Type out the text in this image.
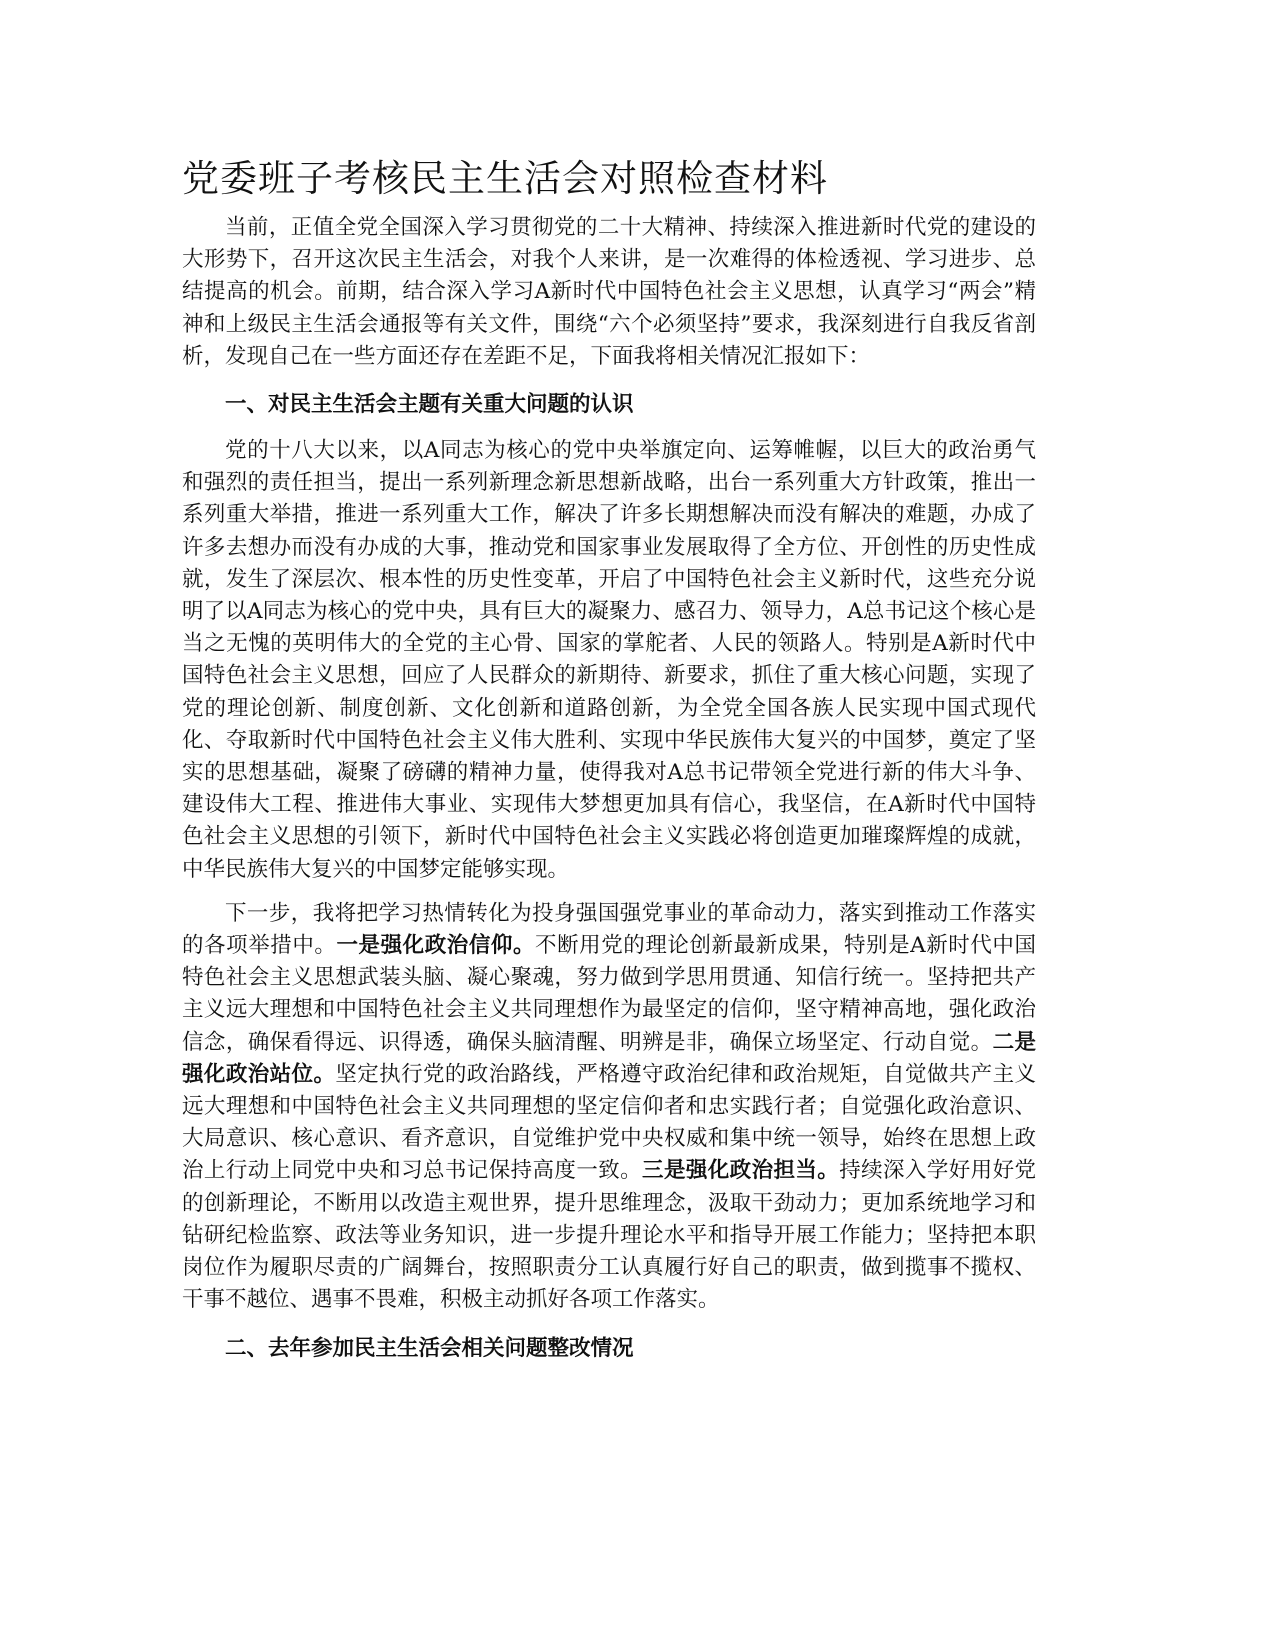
党委班子考核民主生活会对照检查材料

当前，正值全党全国深入学习贯彻党的二十大精神、持续深入推进新时代党的建设的大形势下，召开这次民主生活会，对我个人来讲，是一次难得的体检透视、学习进步、总结提高的机会。前期，结合深入学习A新时代中国特色社会主义思想，认真学习“两会”精神和上级民主生活会通报等有关文件，围绕“六个必须坚持”要求，我深刻进行自我反省剖析，发现自己在一些方面还存在差距不足，下面我将相关情况汇报如下：

一、对民主生活会主题有关重大问题的认识

党的十八大以来，以A同志为核心的党中央举旗定向、运筹帷幄，以巨大的政治勇气和强烈的责任担当，提出一系列新理念新思想新战略，出台一系列重大方针政策，推出一系列重大举措，推进一系列重大工作，解决了许多长期想解决而没有解决的难题，办成了许多去想办而没有办成的大事，推动党和国家事业发展取得了全方位、开创性的历史性成就，发生了深层次、根本性的历史性变革，开启了中国特色社会主义新时代，这些充分说明了以A同志为核心的党中央，具有巨大的凝聚力、感召力、领导力，A总书记这个核心是当之无愧的英明伟大的全党的主心骨、国家的掌舵者、人民的领路人。特别是A新时代中国特色社会主义思想，回应了人民群众的新期待、新要求，抓住了重大核心问题，实现了党的理论创新、制度创新、文化创新和道路创新，为全党全国各族人民实现中国式现代化、夺取新时代中国特色社会主义伟大胜利、实现中华民族伟大复兴的中国梦，奠定了坚实的思想基础，凝聚了磅礴的精神力量，使得我对A总书记带领全党进行新的伟大斗争、建设伟大工程、推进伟大事业、实现伟大梦想更加具有信心，我坚信，在A新时代中国特色社会主义思想的引领下，新时代中国特色社会主义实践必将创造更加璀璨辉煌的成就，中华民族伟大复兴的中国梦定能够实现。

下一步，我将把学习热情转化为投身强国强党事业的革命动力，落实到推动工作落实的各项举措中。一是强化政治信仰。不断用党的理论创新最新成果，特别是A新时代中国特色社会主义思想武装头脑、凝心聚魂，努力做到学思用贯通、知信行统一。坚持把共产主义远大理想和中国特色社会主义共同理想作为最坚定的信仰，坚守精神高地，强化政治信念，确保看得远、识得透，确保头脑清醒、明辨是非，确保立场坚定、行动自觉。二是强化政治站位。坚定执行党的政治路线，严格遵守政治纪律和政治规矩，自觉做共产主义远大理想和中国特色社会主义共同理想的坚定信仰者和忠实践行者；自觉强化政治意识、大局意识、核心意识、看齐意识，自觉维护党中央权威和集中统一领导，始终在思想上政治上行动上同党中央和习总书记保持高度一致。三是强化政治担当。持续深入学好用好党的创新理论，不断用以改造主观世界，提升思维理念，汲取干劲动力；更加系统地学习和钻研纪检监察、政法等业务知识，进一步提升理论水平和指导开展工作能力；坚持把本职岗位作为履职尽责的广阔舞台，按照职责分工认真履行好自己的职责，做到揽事不揽权、干事不越位、遇事不畏难，积极主动抓好各项工作落实。

二、去年参加民主生活会相关问题整改情况
